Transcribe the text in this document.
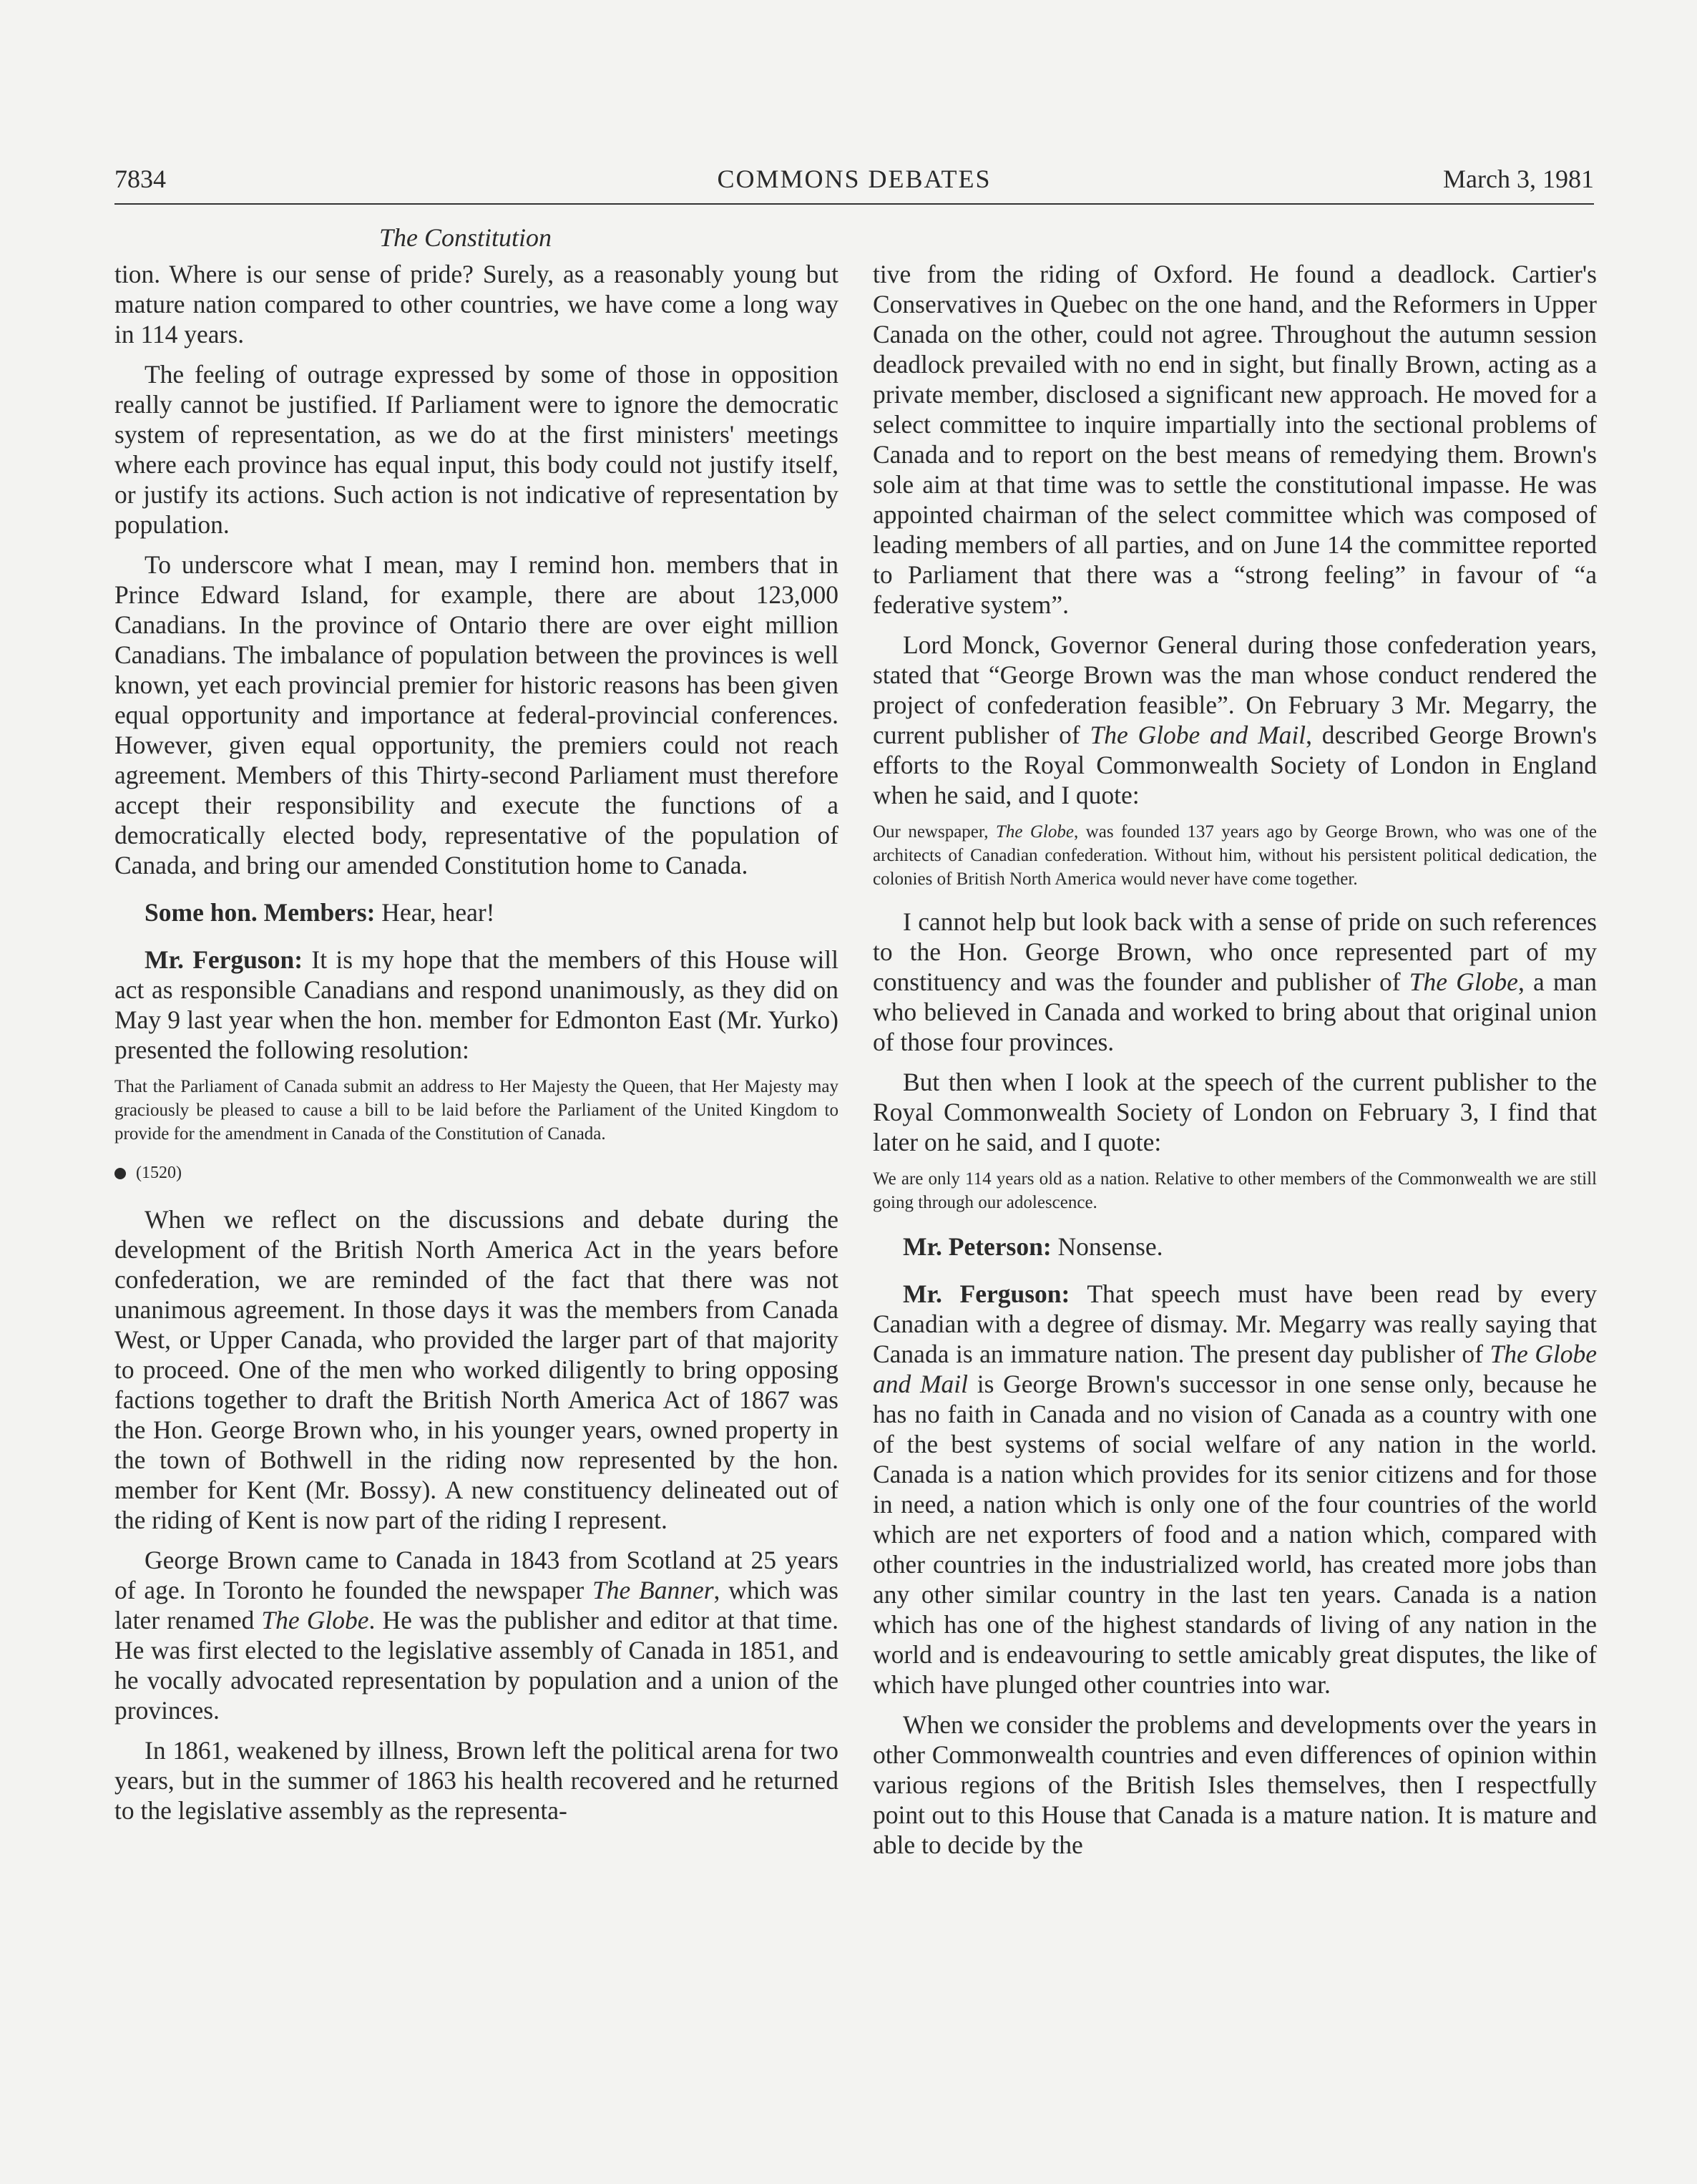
7834	COMMONS DEBATES	March 3, 1981
The Constitution

tion. Where is our sense of pride? Surely, as a reasonably young but mature nation compared to other countries, we have come a long way in 114 years.

The feeling of outrage expressed by some of those in opposition really cannot be justified. If Parliament were to ignore the democratic system of representation, as we do at the first ministers' meetings where each province has equal input, this body could not justify itself, or justify its actions. Such action is not indicative of representation by population.

To underscore what I mean, may I remind hon. members that in Prince Edward Island, for example, there are about 123,000 Canadians. In the province of Ontario there are over eight million Canadians. The imbalance of population between the provinces is well known, yet each provincial premier for historic reasons has been given equal opportunity and importance at federal-provincial conferences. However, given equal opportunity, the premiers could not reach agreement. Members of this Thirty-second Parliament must therefore accept their responsibility and execute the functions of a democratically elected body, representative of the population of Canada, and bring our amended Constitution home to Canada.

Some hon. Members: Hear, hear!

Mr. Ferguson: It is my hope that the members of this House will act as responsible Canadians and respond unanimously, as they did on May 9 last year when the hon. member for Edmonton East (Mr. Yurko) presented the following resolution:

That the Parliament of Canada submit an address to Her Majesty the Queen, that Her Majesty may graciously be pleased to cause a bill to be laid before the Parliament of the United Kingdom to provide for the amendment in Canada of the Constitution of Canada.

(1520)

When we reflect on the discussions and debate during the development of the British North America Act in the years before confederation, we are reminded of the fact that there was not unanimous agreement. In those days it was the members from Canada West, or Upper Canada, who provided the larger part of that majority to proceed. One of the men who worked diligently to bring opposing factions together to draft the British North America Act of 1867 was the Hon. George Brown who, in his younger years, owned property in the town of Bothwell in the riding now represented by the hon. member for Kent (Mr. Bossy). A new constituency delineated out of the riding of Kent is now part of the riding I represent.

George Brown came to Canada in 1843 from Scotland at 25 years of age. In Toronto he founded the newspaper The Banner, which was later renamed The Globe. He was the publisher and editor at that time. He was first elected to the legislative assembly of Canada in 1851, and he vocally advocated representation by population and a union of the provinces.

In 1861, weakened by illness, Brown left the political arena for two years, but in the summer of 1863 his health recovered and he returned to the legislative assembly as the representa-

tive from the riding of Oxford. He found a deadlock. Cartier's Conservatives in Quebec on the one hand, and the Reformers in Upper Canada on the other, could not agree. Throughout the autumn session deadlock prevailed with no end in sight, but finally Brown, acting as a private member, disclosed a significant new approach. He moved for a select committee to inquire impartially into the sectional problems of Canada and to report on the best means of remedying them. Brown's sole aim at that time was to settle the constitutional impasse. He was appointed chairman of the select committee which was composed of leading members of all parties, and on June 14 the committee reported to Parliament that there was a “strong feeling” in favour of “a federative system”.

Lord Monck, Governor General during those confederation years, stated that “George Brown was the man whose conduct rendered the project of confederation feasible”. On February 3 Mr. Megarry, the current publisher of The Globe and Mail, described George Brown's efforts to the Royal Commonwealth Society of London in England when he said, and I quote:

Our newspaper, The Globe, was founded 137 years ago by George Brown, who was one of the architects of Canadian confederation. Without him, without his persistent political dedication, the colonies of British North America would never have come together.

I cannot help but look back with a sense of pride on such references to the Hon. George Brown, who once represented part of my constituency and was the founder and publisher of The Globe, a man who believed in Canada and worked to bring about that original union of those four provinces.

But then when I look at the speech of the current publisher to the Royal Commonwealth Society of London on February 3, I find that later on he said, and I quote:

We are only 114 years old as a nation. Relative to other members of the Commonwealth we are still going through our adolescence.

Mr. Peterson: Nonsense.

Mr. Ferguson: That speech must have been read by every Canadian with a degree of dismay. Mr. Megarry was really saying that Canada is an immature nation. The present day publisher of The Globe and Mail is George Brown's successor in one sense only, because he has no faith in Canada and no vision of Canada as a country with one of the best systems of social welfare of any nation in the world. Canada is a nation which provides for its senior citizens and for those in need, a nation which is only one of the four countries of the world which are net exporters of food and a nation which, compared with other countries in the industrialized world, has created more jobs than any other similar country in the last ten years. Canada is a nation which has one of the highest standards of living of any nation in the world and is endeavouring to settle amicably great disputes, the like of which have plunged other countries into war.

When we consider the problems and developments over the years in other Commonwealth countries and even differences of opinion within various regions of the British Isles themselves, then I respectfully point out to this House that Canada is a mature nation. It is mature and able to decide by the
